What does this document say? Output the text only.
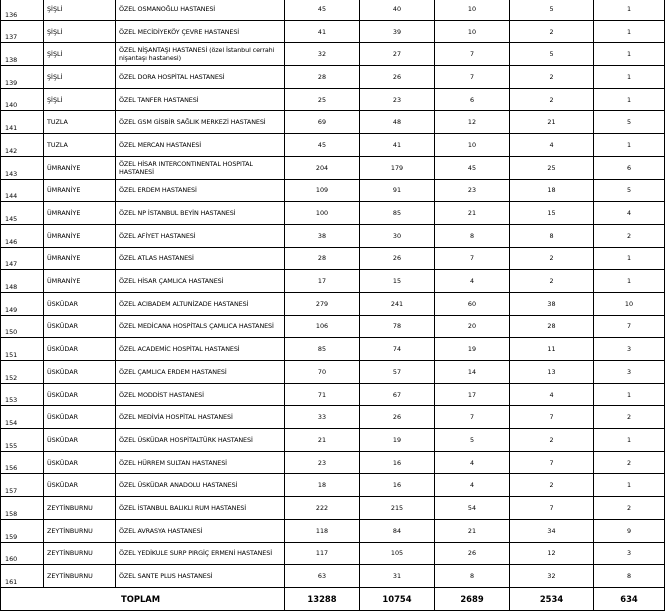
136	ŞİŞLİ	ÖZEL OSMANOĞLU HASTANESİ	45	40	10	5	1
137	ŞİŞLİ	ÖZEL MECİDİYEKÖY ÇEVRE HASTANESİ	41	39	10	2	1
138	ŞİŞLİ	ÖZEL NİŞANTAŞI HASTANESİ (özel İstanbul cerrahi nişantaşı hastanesi)	32	27	7	5	1
139	ŞİŞLİ	ÖZEL DORA HOSPİTAL HASTANESİ	28	26	7	2	1
140	ŞİŞLİ	ÖZEL TANFER HASTANESİ	25	23	6	2	1
141	TUZLA	ÖZEL GSM GİSBİR SAĞLIK MERKEZİ HASTANESİ	69	48	12	21	5
142	TUZLA	ÖZEL MERCAN HASTANESİ	45	41	10	4	1
143	ÜMRANİYE	ÖZEL HİSAR INTERCONTINENTAL HOSPITAL HASTANESİ	204	179	45	25	6
144	ÜMRANİYE	ÖZEL ERDEM HASTANESİ	109	91	23	18	5
145	ÜMRANİYE	ÖZEL NP İSTANBUL BEYİN HASTANESİ	100	85	21	15	4
146	ÜMRANİYE	ÖZEL AFİYET HASTANESİ	38	30	8	8	2
147	ÜMRANİYE	ÖZEL ATLAS HASTANESİ	28	26	7	2	1
148	ÜMRANİYE	ÖZEL HİSAR ÇAMLICA HASTANESİ	17	15	4	2	1
149	ÜSKÜDAR	ÖZEL ACIBADEM ALTUNİZADE HASTANESİ	279	241	60	38	10
150	ÜSKÜDAR	ÖZEL MEDİCANA HOSPİTALS ÇAMLICA HASTANESİ	106	78	20	28	7
151	ÜSKÜDAR	ÖZEL ACADEMİC HOSPİTAL HASTANESİ	85	74	19	11	3
152	ÜSKÜDAR	ÖZEL ÇAMLICA ERDEM HASTANESİ	70	57	14	13	3
153	ÜSKÜDAR	ÖZEL MODDİST HASTANESİ	71	67	17	4	1
154	ÜSKÜDAR	ÖZEL MEDİVİA HOSPİTAL HASTANESİ	33	26	7	7	2
155	ÜSKÜDAR	ÖZEL ÜSKÜDAR HOSPİTALTÜRK HASTANESİ	21	19	5	2	1
156	ÜSKÜDAR	ÖZEL HÜRREM SULTAN HASTANESİ	23	16	4	7	2
157	ÜSKÜDAR	ÖZEL ÜSKÜDAR ANADOLU HASTANESİ	18	16	4	2	1
158	ZEYTİNBURNU	ÖZEL İSTANBUL BALIKLI RUM HASTANESİ	222	215	54	7	2
159	ZEYTİNBURNU	ÖZEL AVRASYA HASTANESİ	118	84	21	34	9
160	ZEYTİNBURNU	ÖZEL YEDİKULE SURP PIRGİÇ ERMENİ HASTANESİ	117	105	26	12	3
161	ZEYTİNBURNU	ÖZEL SANTE PLUS HASTANESİ	63	31	8	32	8
TOPLAM			13288	10754	2689	2534	634
